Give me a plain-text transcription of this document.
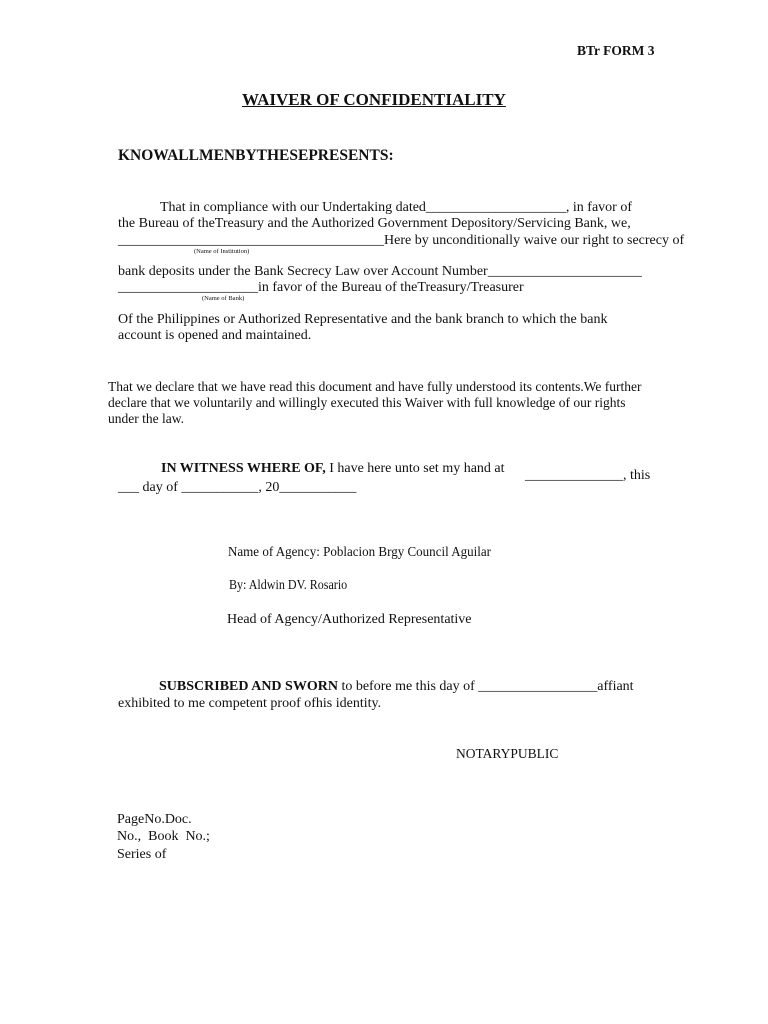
BTr FORM 3
WAIVER OF CONFIDENTIALITY
KNOWALLMENBYTHESEPRESENTS:
That in compliance with our Undertaking dated____________________, in favor of
the Bureau of theTreasury and the Authorized Government Depository/Servicing Bank, we,
______________________________________Here by unconditionally waive our right to secrecy of
(Name of Institution)
bank deposits under the Bank Secrecy Law over Account Number______________________
____________________in favor of the Bureau of theTreasury/Treasurer
(Name of Bank)
Of the Philippines or Authorized Representative and the bank branch to which the bank
account is opened and maintained.
That we declare that we have read this document and have fully understood its contents.We further
declare that we voluntarily and willingly executed this Waiver with full knowledge of our rights
under the law.
IN WITNESS WHERE OF, I have here unto set my hand at ______________, this
___ day of ___________, 20___________
Name of Agency: Poblacion Brgy Council Aguilar
By: Aldwin DV. Rosario
Head of Agency/Authorized Representative
SUBSCRIBED AND SWORN to before me this day of _________________affiant
exhibited to me competent proof ofhis identity.
NOTARYPUBLIC
PageNo.Doc.
No.,  Book  No.;
Series of
